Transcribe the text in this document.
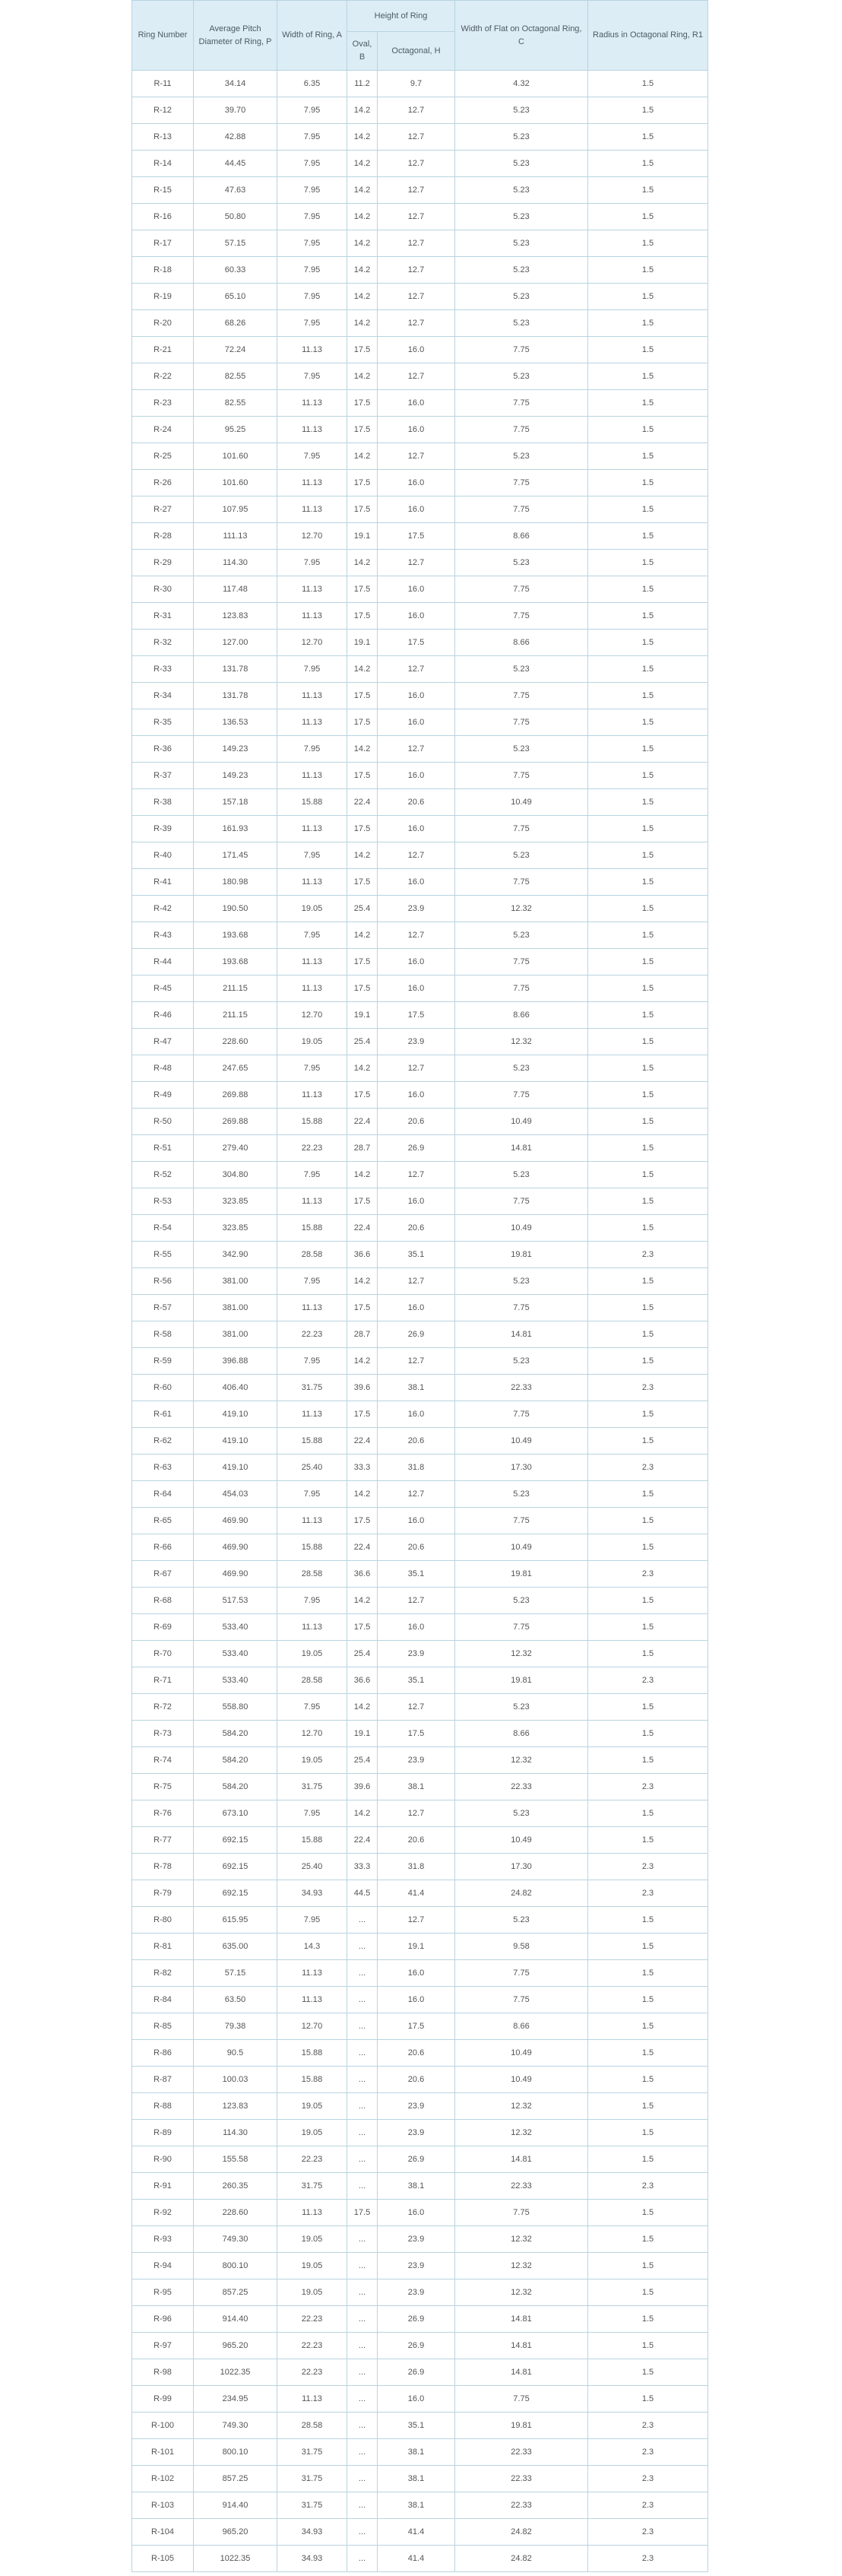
Ring Number	Average Pitch Diameter of Ring, P	Width of Ring, A	Height of Ring		Width of Flat on Octagonal Ring, C	Radius in Octagonal Ring, R1
			Oval, B	Octagonal, H		
R-11	34.14	6.35	11.2	9.7	4.32	1.5
R-12	39.70	7.95	14.2	12.7	5.23	1.5
R-13	42.88	7.95	14.2	12.7	5.23	1.5
R-14	44.45	7.95	14.2	12.7	5.23	1.5
R-15	47.63	7.95	14.2	12.7	5.23	1.5
R-16	50.80	7.95	14.2	12.7	5.23	1.5
R-17	57.15	7.95	14.2	12.7	5.23	1.5
R-18	60.33	7.95	14.2	12.7	5.23	1.5
R-19	65.10	7.95	14.2	12.7	5.23	1.5
R-20	68.26	7.95	14.2	12.7	5.23	1.5
R-21	72.24	11.13	17.5	16.0	7.75	1.5
R-22	82.55	7.95	14.2	12.7	5.23	1.5
R-23	82.55	11.13	17.5	16.0	7.75	1.5
R-24	95.25	11.13	17.5	16.0	7.75	1.5
R-25	101.60	7.95	14.2	12.7	5.23	1.5
R-26	101.60	11.13	17.5	16.0	7.75	1.5
R-27	107.95	11.13	17.5	16.0	7.75	1.5
R-28	111.13	12.70	19.1	17.5	8.66	1.5
R-29	114.30	7.95	14.2	12.7	5.23	1.5
R-30	117.48	11.13	17.5	16.0	7.75	1.5
R-31	123.83	11.13	17.5	16.0	7.75	1.5
R-32	127.00	12.70	19.1	17.5	8.66	1.5
R-33	131.78	7.95	14.2	12.7	5.23	1.5
R-34	131.78	11.13	17.5	16.0	7.75	1.5
R-35	136.53	11.13	17.5	16.0	7.75	1.5
R-36	149.23	7.95	14.2	12.7	5.23	1.5
R-37	149.23	11.13	17.5	16.0	7.75	1.5
R-38	157.18	15.88	22.4	20.6	10.49	1.5
R-39	161.93	11.13	17.5	16.0	7.75	1.5
R-40	171.45	7.95	14.2	12.7	5.23	1.5
R-41	180.98	11.13	17.5	16.0	7.75	1.5
R-42	190.50	19.05	25.4	23.9	12.32	1.5
R-43	193.68	7.95	14.2	12.7	5.23	1.5
R-44	193.68	11.13	17.5	16.0	7.75	1.5
R-45	211.15	11.13	17.5	16.0	7.75	1.5
R-46	211.15	12.70	19.1	17.5	8.66	1.5
R-47	228.60	19.05	25.4	23.9	12.32	1.5
R-48	247.65	7.95	14.2	12.7	5.23	1.5
R-49	269.88	11.13	17.5	16.0	7.75	1.5
R-50	269.88	15.88	22.4	20.6	10.49	1.5
R-51	279.40	22.23	28.7	26.9	14.81	1.5
R-52	304.80	7.95	14.2	12.7	5.23	1.5
R-53	323.85	11.13	17.5	16.0	7.75	1.5
R-54	323.85	15.88	22.4	20.6	10.49	1.5
R-55	342.90	28.58	36.6	35.1	19.81	2.3
R-56	381.00	7.95	14.2	12.7	5.23	1.5
R-57	381.00	11.13	17.5	16.0	7.75	1.5
R-58	381.00	22.23	28.7	26.9	14.81	1.5
R-59	396.88	7.95	14.2	12.7	5.23	1.5
R-60	406.40	31.75	39.6	38.1	22.33	2.3
R-61	419.10	11.13	17.5	16.0	7.75	1.5
R-62	419.10	15.88	22.4	20.6	10.49	1.5
R-63	419.10	25.40	33.3	31.8	17.30	2.3
R-64	454.03	7.95	14.2	12.7	5.23	1.5
R-65	469.90	11.13	17.5	16.0	7.75	1.5
R-66	469.90	15.88	22.4	20.6	10.49	1.5
R-67	469.90	28.58	36.6	35.1	19.81	2.3
R-68	517.53	7.95	14.2	12.7	5.23	1.5
R-69	533.40	11.13	17.5	16.0	7.75	1.5
R-70	533.40	19.05	25.4	23.9	12.32	1.5
R-71	533.40	28.58	36.6	35.1	19.81	2.3
R-72	558.80	7.95	14.2	12.7	5.23	1.5
R-73	584.20	12.70	19.1	17.5	8.66	1.5
R-74	584.20	19.05	25.4	23.9	12.32	1.5
R-75	584.20	31.75	39.6	38.1	22.33	2.3
R-76	673.10	7.95	14.2	12.7	5.23	1.5
R-77	692.15	15.88	22.4	20.6	10.49	1.5
R-78	692.15	25.40	33.3	31.8	17.30	2.3
R-79	692.15	34.93	44.5	41.4	24.82	2.3
R-80	615.95	7.95	...	12.7	5.23	1.5
R-81	635.00	14.3	...	19.1	9.58	1.5
R-82	57.15	11.13	...	16.0	7.75	1.5
R-84	63.50	11.13	...	16.0	7.75	1.5
R-85	79.38	12.70	...	17.5	8.66	1.5
R-86	90.5	15.88	...	20.6	10.49	1.5
R-87	100.03	15.88	...	20.6	10.49	1.5
R-88	123.83	19.05	...	23.9	12.32	1.5
R-89	114.30	19.05	...	23.9	12.32	1.5
R-90	155.58	22.23	...	26.9	14.81	1.5
R-91	260.35	31.75	...	38.1	22.33	2.3
R-92	228.60	11.13	17.5	16.0	7.75	1.5
R-93	749.30	19.05	...	23.9	12.32	1.5
R-94	800.10	19.05	...	23.9	12.32	1.5
R-95	857.25	19.05	...	23.9	12.32	1.5
R-96	914.40	22.23	...	26.9	14.81	1.5
R-97	965.20	22.23	...	26.9	14.81	1.5
R-98	1022.35	22.23	...	26.9	14.81	1.5
R-99	234.95	11.13	...	16.0	7.75	1.5
R-100	749.30	28.58	...	35.1	19.81	2.3
R-101	800.10	31.75	...	38.1	22.33	2.3
R-102	857.25	31.75	...	38.1	22.33	2.3
R-103	914.40	31.75	...	38.1	22.33	2.3
R-104	965.20	34.93	...	41.4	24.82	2.3
R-105	1022.35	34.93	...	41.4	24.82	2.3
